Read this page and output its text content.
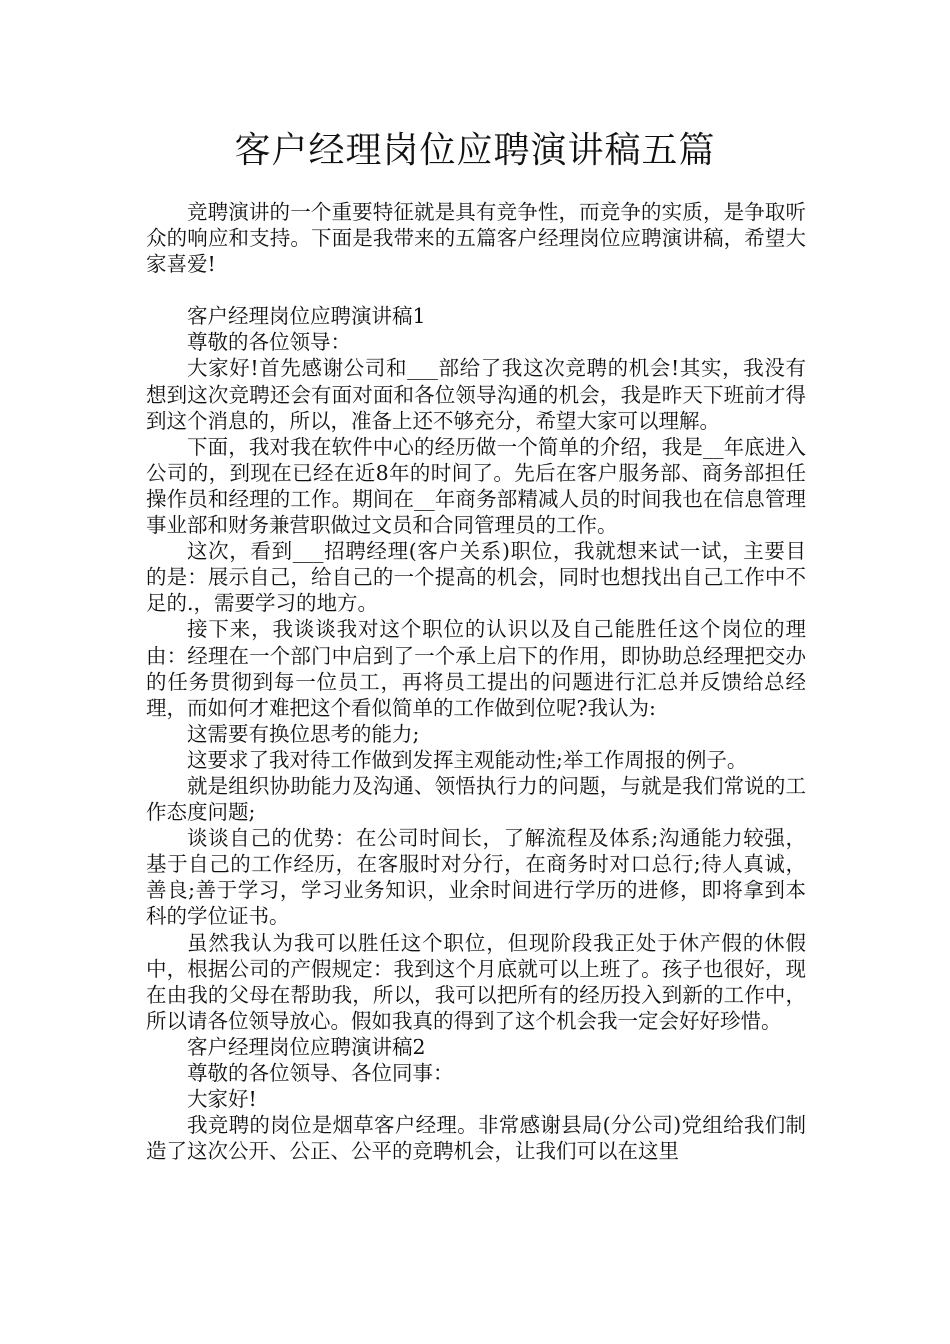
客户经理岗位应聘演讲稿五篇

竞聘演讲的一个重要特征就是具有竞争性，而竞争的实质，是争取听众的响应和支持。下面是我带来的五篇客户经理岗位应聘演讲稿，希望大家喜爱!

客户经理岗位应聘演讲稿1

尊敬的各位领导：

大家好!首先感谢公司和___部给了我这次竞聘的机会!其实，我没有想到这次竞聘还会有面对面和各位领导沟通的机会，我是昨天下班前才得到这个消息的，所以，准备上还不够充分，希望大家可以理解。

下面，我对我在软件中心的经历做一个简单的介绍，我是__年底进入公司的，到现在已经在近8年的时间了。先后在客户服务部、商务部担任操作员和经理的工作。期间在__年商务部精减人员的时间我也在信息管理事业部和财务兼营职做过文员和合同管理员的工作。

这次，看到___招聘经理(客户关系)职位，我就想来试一试，主要目的是：展示自己，给自己的一个提高的机会，同时也想找出自己工作中不足的.，需要学习的地方。

接下来，我谈谈我对这个职位的认识以及自己能胜任这个岗位的理由：经理在一个部门中启到了一个承上启下的作用，即协助总经理把交办的任务贯彻到每一位员工，再将员工提出的问题进行汇总并反馈给总经理，而如何才难把这个看似简单的工作做到位呢?我认为:

这需要有换位思考的能力;

这要求了我对待工作做到发挥主观能动性;举工作周报的例子。

就是组织协助能力及沟通、领悟执行力的问题，与就是我们常说的工作态度问题;

谈谈自己的优势：在公司时间长，了解流程及体系;沟通能力较强，基于自己的工作经历，在客服时对分行，在商务时对口总行;待人真诚，善良;善于学习，学习业务知识，业余时间进行学历的进修，即将拿到本科的学位证书。

虽然我认为我可以胜任这个职位，但现阶段我正处于休产假的休假中，根据公司的产假规定：我到这个月底就可以上班了。孩子也很好，现在由我的父母在帮助我，所以，我可以把所有的经历投入到新的工作中，所以请各位领导放心。假如我真的得到了这个机会我一定会好好珍惜。

客户经理岗位应聘演讲稿2

尊敬的各位领导、各位同事：

大家好!

我竞聘的岗位是烟草客户经理。非常感谢县局(分公司)党组给我们制造了这次公开、公正、公平的竞聘机会，让我们可以在这里
